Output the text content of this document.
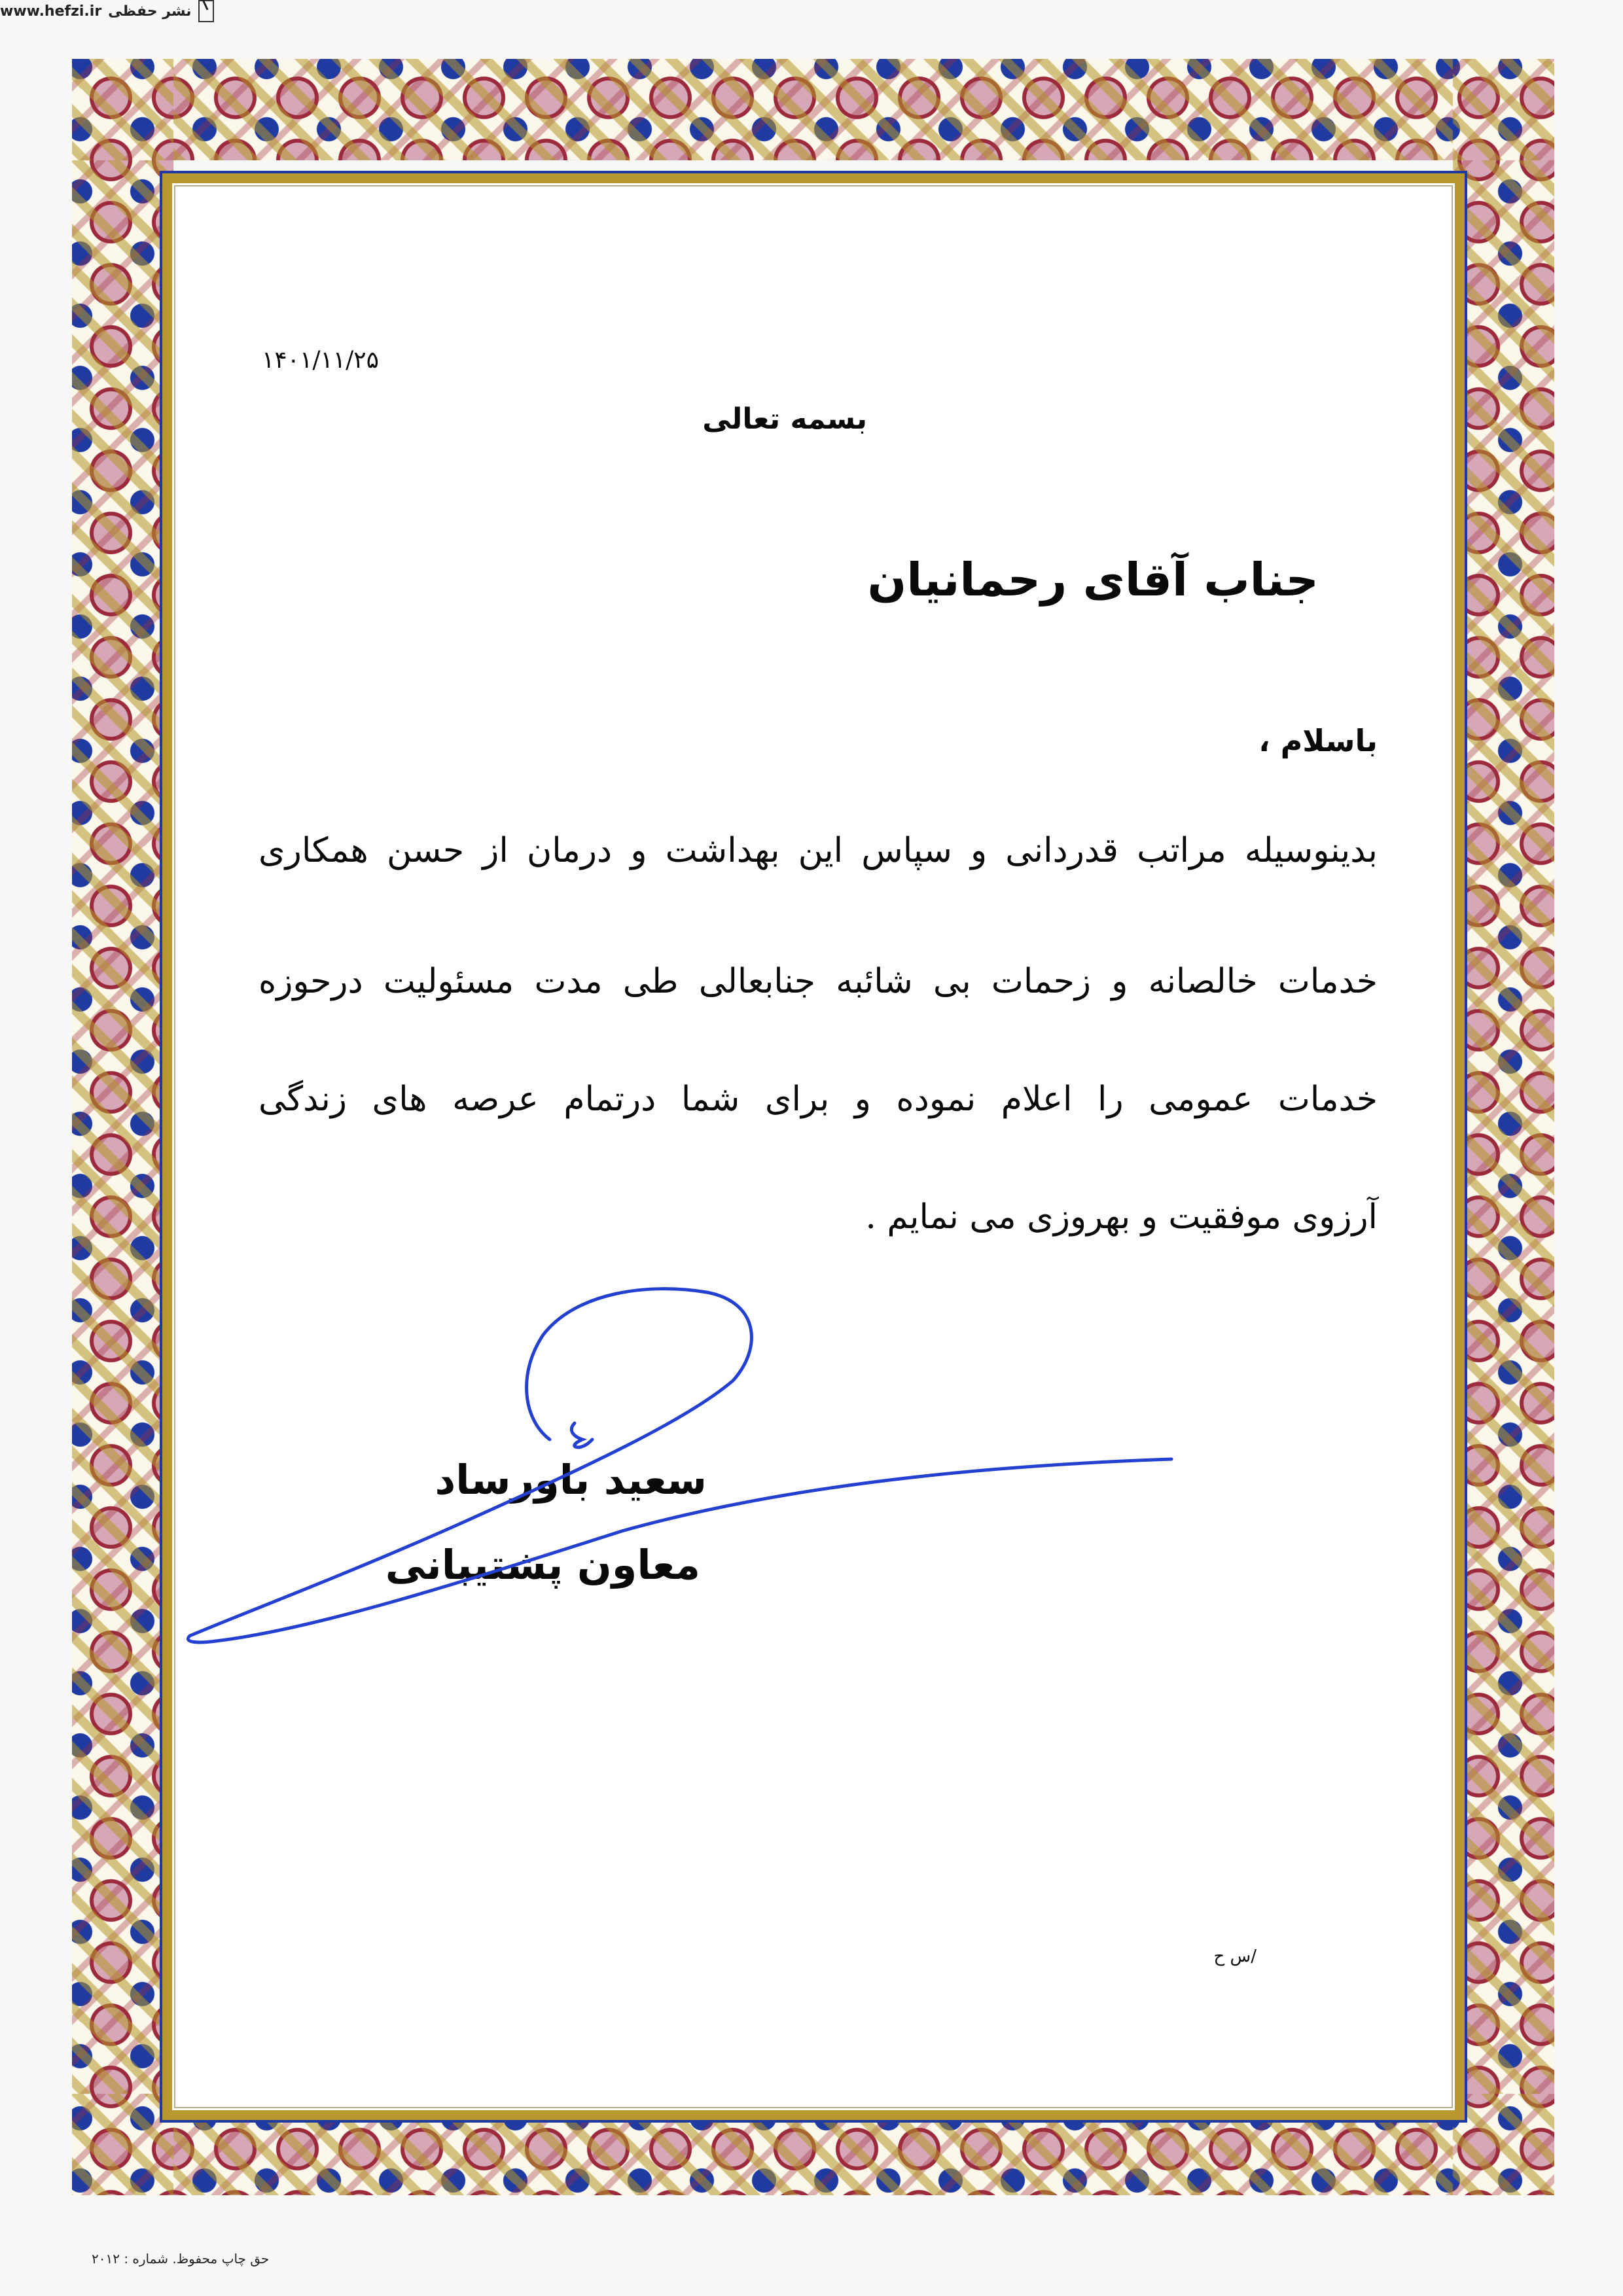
۱۴۰۱/۱۱/۲۵
بسمه تعالی
جناب آقای رحمانیان
باسلام ،
بدینوسیله مراتب قدردانی و سپاس این بهداشت و درمان از حسن همکاری
خدمات خالصانه و زحمات بی شائبه جنابعالی طی مدت مسئولیت درحوزه
خدمات عمومی را اعلام نموده و برای شما درتمام عرصه های زندگی
آرزوی موفقیت و بهروزی می نمایم .
سعید باورساد
معاون پشتیبانی
/س ح
حق چاپ محفوظ. شماره : ۲۰۱۲
www.hefzi.ir نشر حفظی
